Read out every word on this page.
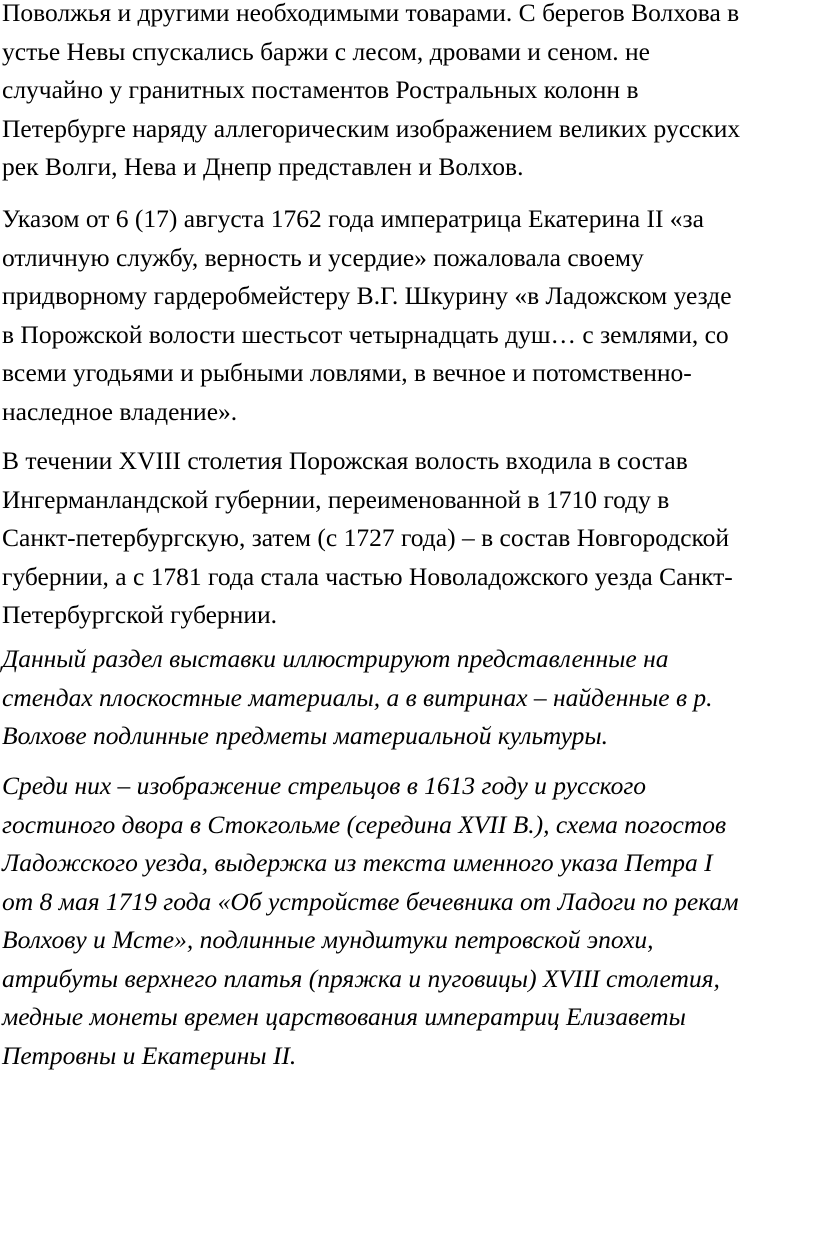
Поволжья и другими необходимыми товарами. С берегов Волхова в
устье Невы спускались баржи с лесом, дровами и сеном. не
случайно у гранитных постаментов Ростральных колонн в
Петербурге наряду аллегорическим изображением великих русских
рек Волги, Нева и Днепр представлен и Волхов.

Указом от 6 (17) августа 1762 года императрица Екатерина II «за
отличную службу, верность и усердие» пожаловала своему
придворному гардеробмейстеру В.Г. Шкурину «в Ладожском уезде
в Порожской волости шестьсот четырнадцать душ… с землями, со
всеми угодьями и рыбными ловлями, в вечное и потомственно-
наследное владение».

В течении XVIII столетия Порожская волость входила в состав
Ингерманландской губернии, переименованной в 1710 году в
Санкт-петербургскую, затем (с 1727 года) – в состав Новгородской
губернии, а с 1781 года стала частью Новоладожского уезда Санкт-
Петербургской губернии.

Данный раздел выставки иллюстрируют представленные на
стендах плоскостные материалы, а в витринах – найденные в р.
Волхове подлинные предметы материальной культуры.

Среди них – изображение стрельцов в 1613 году и русского
гостиного двора в Стокгольме (середина XVII В.), схема погостов
Ладожского уезда, выдержка из текста именного указа Петра I
от 8 мая 1719 года «Об устройстве бечевника от Ладоги по рекам
Волхову и Мсте», подлинные мундштуки петровской эпохи,
атрибуты верхнего платья (пряжка и пуговицы) XVIII столетия,
медные монеты времен царствования императриц Елизаветы
Петровны и Екатерины II.
